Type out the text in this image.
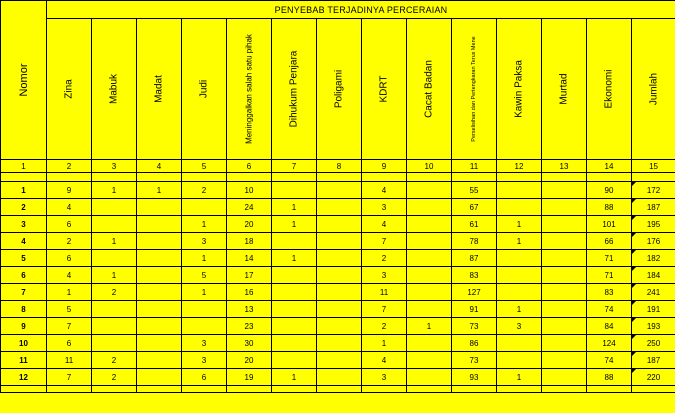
Nomor	PENYEBAB TERJADINYA PERCERAIAN													

	Zina	Mabuk	Madat	Judi	Meninggalkan salah satu pihak	Dihukum Penjara	Poligami	KDRT	Cacat Badan	Perselisihan dan Pertengkaran Terus Mene	Kawin Paksa	Murtad	Ekonomi	Jumlah

1	2	3	4	5	6	7	8	9	10	11	12	13	14	15

1	9	1	1	2	10			4		55			90	172
2	4				24	1		3		67			88	187
3	6			1	20	1		4		61	1		101	195
4	2	1		3	18			7		78	1		66	176
5	6			1	14	1		2		87			71	182
6	4	1		5	17			3		83			71	184
7	1	2		1	16			11		127			83	241
8	5				13			7		91	1		74	191
9	7				23			2	1	73	3		84	193
10	6			3	30			1		86			124	250
11	11	2		3	20			4		73			74	187
12	7	2		6	19	1		3		93	1		88	220
